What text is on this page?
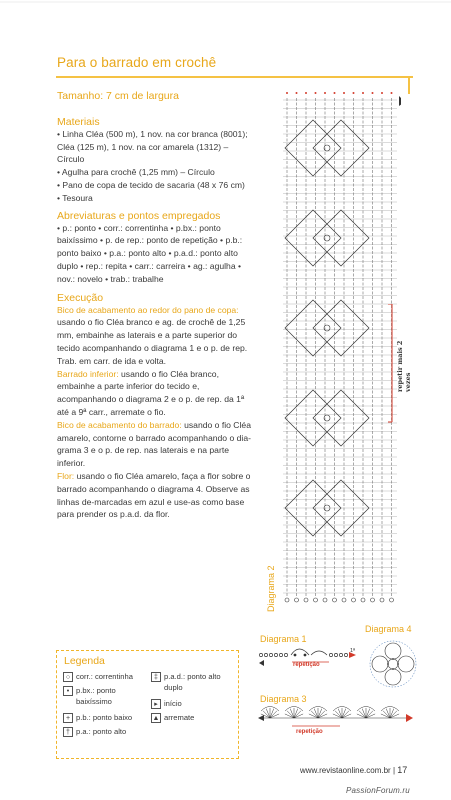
Para o barrado em crochê
Tamanho: 7 cm de largura
Materiais
• Linha Cléa (500 m), 1 nov. na cor branca (8001); Cléa (125 m), 1 nov. na cor amarela (1312) – Círculo
• Agulha para crochê (1,25 mm) – Círculo
• Pano de copa de tecido de sacaria (48 x 76 cm)
• Tesoura
Abreviaturas e pontos empregados
• p.: ponto • corr.: correntinha • p.bx.: ponto baixíssimo • p. de rep.: ponto de repetição • p.b.: ponto baixo • p.a.: ponto alto • p.a.d.: ponto alto duplo • rep.: repita • carr.: carreira • ag.: agulha • nov.: novelo • trab.: trabalhe
Execução
Bico de acabamento ao redor do pano de copa: usando o fio Cléa branco e ag. de crochê de 1,25 mm, embainhe as laterais e a parte superior do tecido acompanhando o diagrama 1 e o p. de rep. Trab. em carr. de ida e volta.
Barrado inferior: usando o fio Cléa branco, embainhe a parte inferior do tecido e, acompanhando o diagrama 2 e o p. de rep. da 1ª até a 9ª carr., arremate o fio.
Bico de acabamento do barrado: usando o fio Cléa amarelo, contorne o barrado acompanhando o dia-grama 3 e o p. de rep. nas laterais e na parte inferior.
Flor: usando o fio Cléa amarelo, faça a flor sobre o barrado acompanhando o diagrama 4. Observe as linhas de-marcadas em azul e use-as como base para prender os p.a.d. da flor.
Legenda
○ corr.: correntinha
• p.bx.: ponto baixíssimo
+ p.b.: ponto baixo
† p.a.: ponto alto
‡ p.a.d.: ponto alto duplo
▸ início
▲ arremate
Diagrama 2
repetir mais 2 vezes
Diagrama 1
repetição
1ª
Diagrama 4
Diagrama 3
repetição
www.revistaonline.com.br | 17
PassionForum.ru
